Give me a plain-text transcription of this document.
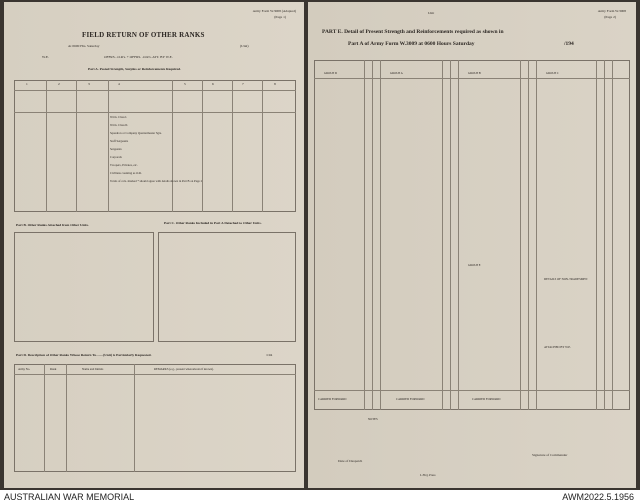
Army Form W.3008 (Adapted)
(Page 1)
FIELD RETURN OF OTHER RANKS
At 0600 Hrs. Saturday	(Unit)
W.E.	OFFRS. .O.R's. + OFFRS. .O.R's. ATT. BY W.E.
Part A. Posted Strength, Surplus or Reinforcements Required.
1	2	3	4	5	6	7	8
W.Os. Class I.
W.Os. Class II.
Squadron or Company Quartermaster Sgts.
Staff Sergeants
Sergeants
Corporals
Troopers, Privates, etc.
Civilians counting as O.R.
Totals of cols. marked * should agree with details shown in Part B on Page 2
Part B. Other Ranks Attached from Other Units.	Part C. Other Ranks Included in Part A Detached to Other Units.
Part D. Description of Other Ranks Whose Return To........(Unit) is Particularly Requested.	/194
Army No.	Rank	Name and Initials	REMARKS (e.g., present whereabouts if known).
Unit	Army Form W.3008
(Page 2)
PART E. Detail of Present Strength and Reinforcements required as shown in
Part A of Army Form W.3009 at 0600 Hours Saturday	/194
GROUP A	GROUP B	GROUP C
GROUP D
GROUP E
DETAILS OF NON-TRADESMEN
ATTACHED BY W.E.
CARRIED FORWARD	CARRIED FORWARD	CARRIED FORWARD
NOTES
Signature of Commander
Date of Despatch
L.H.Q. Press
AUSTRALIAN WAR MEMORIAL	AWM2022.5.1956
